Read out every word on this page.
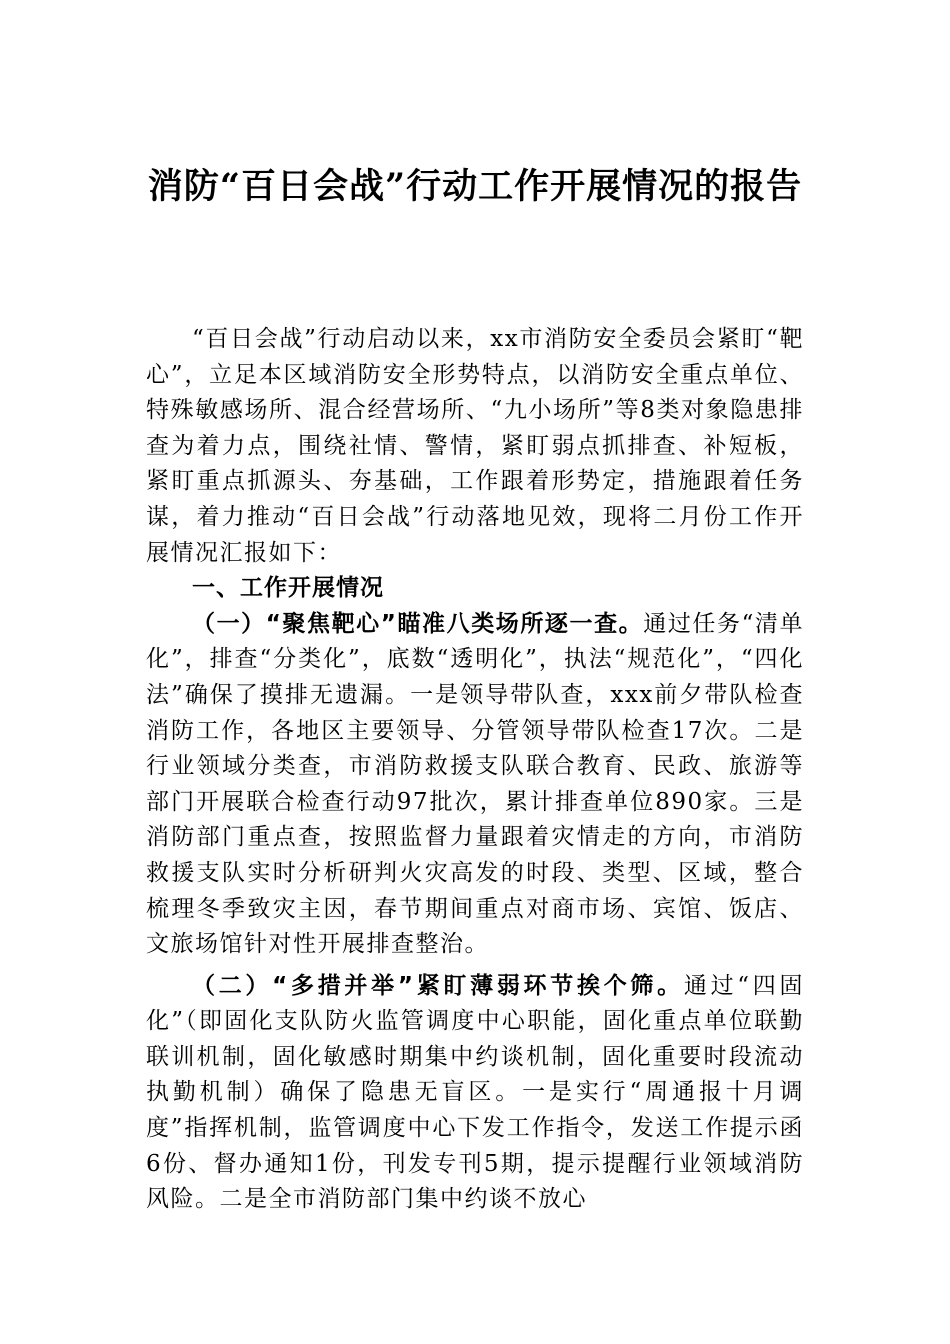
消防“百日会战”行动工作开展情况的报告

“百日会战”行动启动以来，xx市消防安全委员会紧盯“靶心”，立足本区域消防安全形势特点，以消防安全重点单位、特殊敏感场所、混合经营场所、“九小场所”等8类对象隐患排查为着力点，围绕社情、警情，紧盯弱点抓排查、补短板，紧盯重点抓源头、夯基础，工作跟着形势定，措施跟着任务谋，着力推动“百日会战”行动落地见效，现将二月份工作开展情况汇报如下：

一、工作开展情况

（一）“聚焦靶心”瞄准八类场所逐一查。通过任务“清单化”，排查“分类化”，底数“透明化”，执法“规范化”，“四化法”确保了摸排无遗漏。一是领导带队查，xxx前夕带队检查消防工作，各地区主要领导、分管领导带队检查17次。二是行业领域分类查，市消防救援支队联合教育、民政、旅游等部门开展联合检查行动97批次，累计排查单位890家。三是消防部门重点查，按照监督力量跟着灾情走的方向，市消防救援支队实时分析研判火灾高发的时段、类型、区域，整合梳理冬季致灾主因，春节期间重点对商市场、宾馆、饭店、文旅场馆针对性开展排查整治。

（二）“多措并举”紧盯薄弱环节挨个筛。通过“四固化”（即固化支队防火监管调度中心职能，固化重点单位联勤联训机制，固化敏感时期集中约谈机制，固化重要时段流动执勤机制）确保了隐患无盲区。一是实行“周通报十月调度”指挥机制，监管调度中心下发工作指令，发送工作提示函6份、督办通知1份，刊发专刊5期，提示提醒行业领域消防风险。二是全市消防部门集中约谈不放心
